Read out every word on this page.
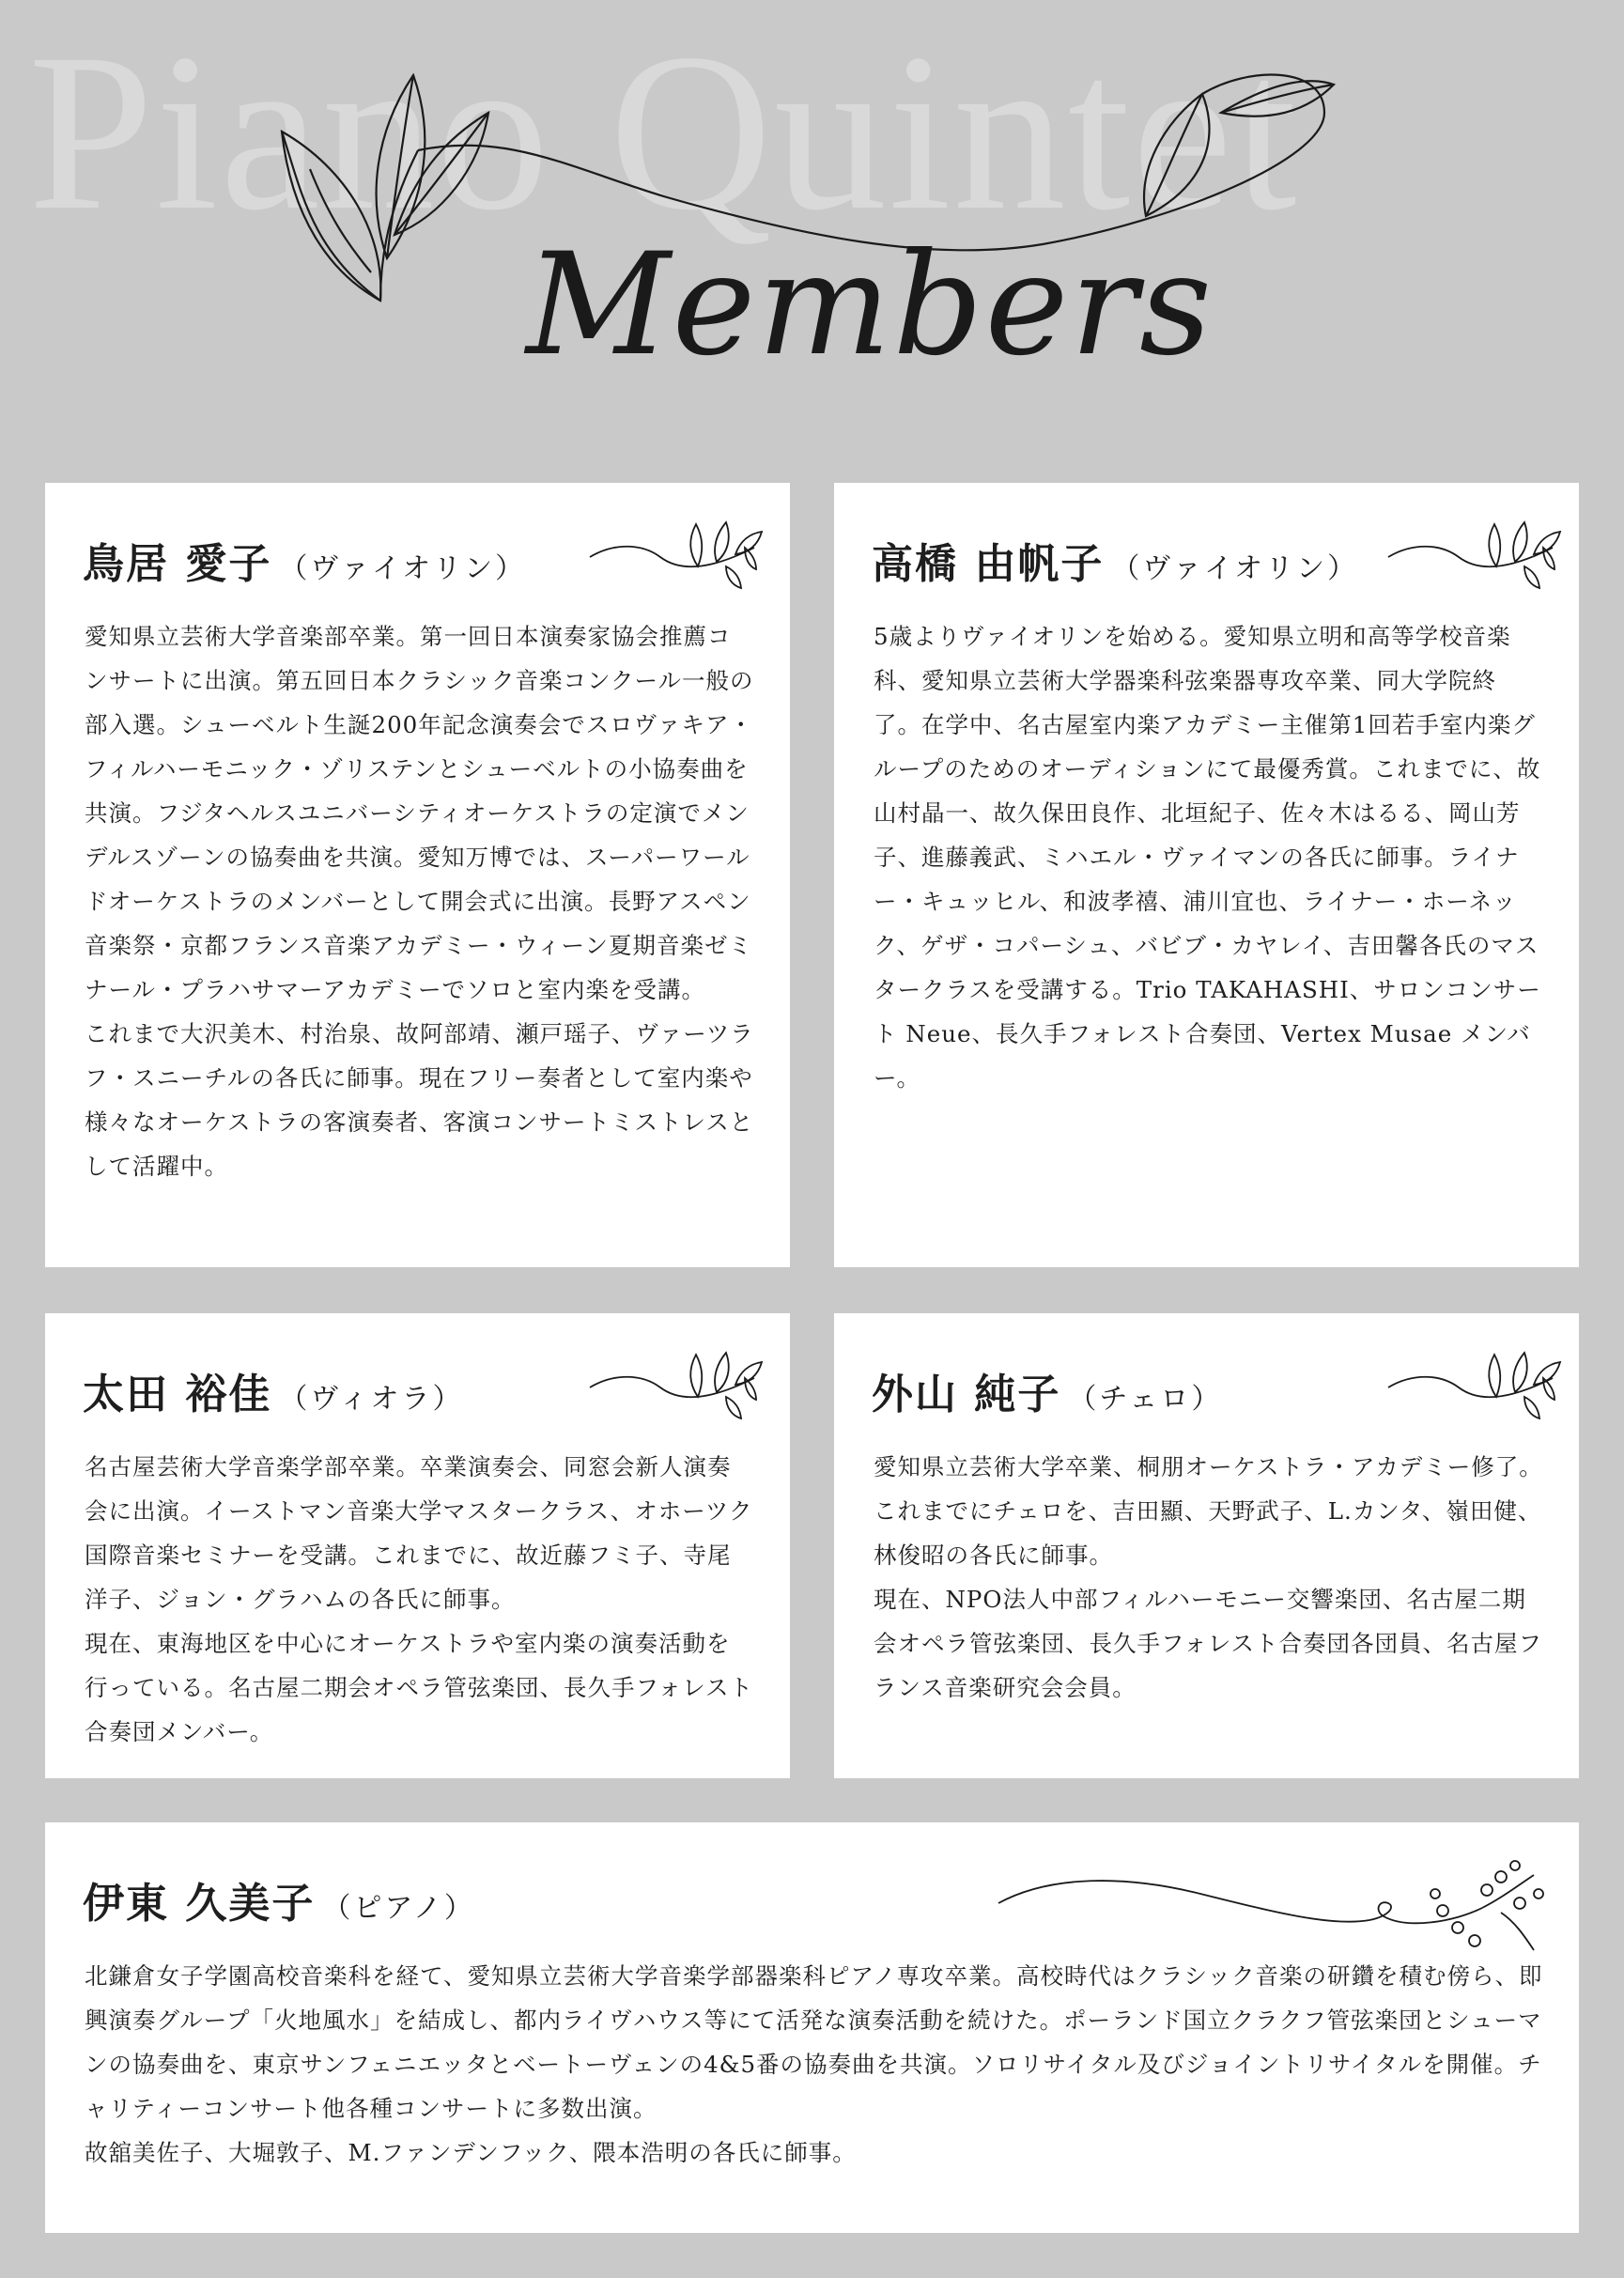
Piano Quintet
Members
鳥居 愛子 （ヴァイオリン）

愛知県立芸術大学音楽部卒業。第一回日本演奏家協会推薦コンサートに出演。第五回日本クラシック音楽コンクール一般の部入選。シューベルト生誕200年記念演奏会でスロヴァキア・フィルハーモニック・ゾリステンとシューベルトの小協奏曲を共演。フジタヘルスユニバーシティオーケストラの定演でメンデルスゾーンの協奏曲を共演。愛知万博では、スーパーワールドオーケストラのメンバーとして開会式に出演。長野アスペン音楽祭・京都フランス音楽アカデミー・ウィーン夏期音楽ゼミナール・プラハサマーアカデミーでソロと室内楽を受講。

これまで大沢美木、村治泉、故阿部靖、瀬戸瑶子、ヴァーツラフ・スニーチルの各氏に師事。現在フリー奏者として室内楽や様々なオーケストラの客演奏者、客演コンサートミストレスとして活躍中。

高橋 由帆子 （ヴァイオリン）

5歳よりヴァイオリンを始める。愛知県立明和高等学校音楽科、愛知県立芸術大学器楽科弦楽器専攻卒業、同大学院終了。在学中、名古屋室内楽アカデミー主催第1回若手室内楽グループのためのオーディションにて最優秀賞。これまでに、故山村晶一、故久保田良作、北垣紀子、佐々木はるる、岡山芳子、進藤義武、ミハエル・ヴァイマンの各氏に師事。ライナー・キュッヒル、和波孝禧、浦川宜也、ライナー・ホーネック、ゲザ・コパーシュ、バビブ・カヤレイ、吉田馨各氏のマスタークラスを受講する。Trio TAKAHASHI、サロンコンサート Neue、長久手フォレスト合奏団、Vertex Musae メンバー。

太田 裕佳 （ヴィオラ）

名古屋芸術大学音楽学部卒業。卒業演奏会、同窓会新人演奏会に出演。イーストマン音楽大学マスタークラス、オホーツク国際音楽セミナーを受講。これまでに、故近藤フミ子、寺尾洋子、ジョン・グラハムの各氏に師事。

現在、東海地区を中心にオーケストラや室内楽の演奏活動を行っている。名古屋二期会オペラ管弦楽団、長久手フォレスト合奏団メンバー。

外山 純子 （チェロ）

愛知県立芸術大学卒業、桐朋オーケストラ・アカデミー修了。これまでにチェロを、吉田顯、天野武子、L.カンタ、嶺田健、林俊昭の各氏に師事。

現在、NPO法人中部フィルハーモニー交響楽団、名古屋二期会オペラ管弦楽団、長久手フォレスト合奏団各団員、名古屋フランス音楽研究会会員。

伊東 久美子 （ピアノ）

北鎌倉女子学園高校音楽科を経て、愛知県立芸術大学音楽学部器楽科ピアノ専攻卒業。高校時代はクラシック音楽の研鑽を積む傍ら、即興演奏グループ「火地風水」を結成し、都内ライヴハウス等にて活発な演奏活動を続けた。ポーランド国立クラクフ管弦楽団とシューマンの協奏曲を、東京サンフェニエッタとベートーヴェンの4&5番の協奏曲を共演。ソロリサイタル及びジョイントリサイタルを開催。チャリティーコンサート他各種コンサートに多数出演。

故舘美佐子、大堀敦子、M.ファンデンフック、隈本浩明の各氏に師事。
